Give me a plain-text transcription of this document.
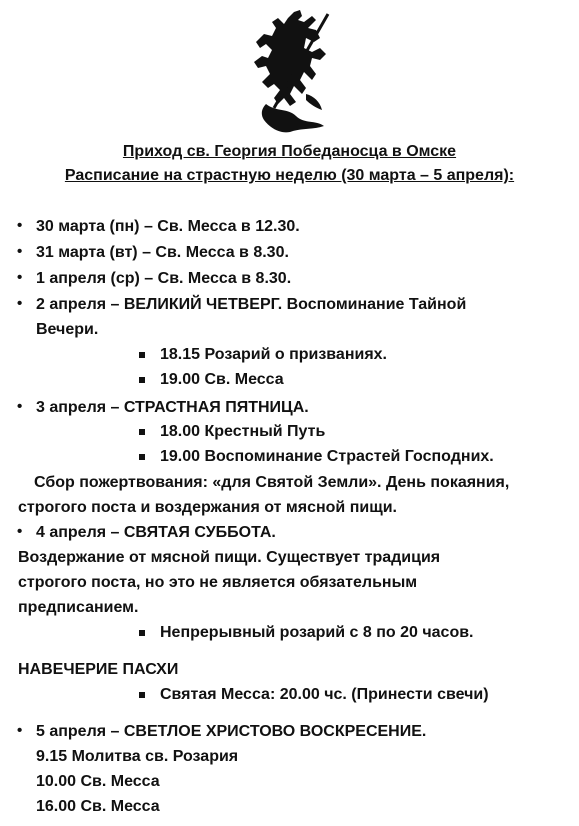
Приход св. Георгия Победаносца в Омске
Расписание на страстную неделю (30 марта – 5 апреля):
• 30 марта (пн) – Св. Месса в 12.30.
• 31 марта (вт) – Св. Месса в 8.30.
• 1 апреля (ср) – Св. Месса в 8.30.
• 2 апреля – ВЕЛИКИЙ ЧЕТВЕРГ. Воспоминание Тайной
Вечери.
18.15 Розарий о призваниях.
19.00 Св. Месса
• 3 апреля – СТРАСТНАЯ ПЯТНИЦА.
18.00 Крестный Путь
19.00 Воспоминание Страстей Господних.
Сбор пожертвования: «для Святой Земли». День покаяния,
строгого поста и воздержания от мясной пищи.
• 4 апреля – СВЯТАЯ СУББОТА.
Воздержание от мясной пищи. Существует традиция
строгого поста, но это не является обязательным
предписанием.
Непрерывный розарий с 8 по 20 часов.
НАВЕЧЕРИЕ ПАСХИ
Святая Месса: 20.00 чс. (Принести свечи)
• 5 апреля – СВЕТЛОЕ ХРИСТОВО ВОСКРЕСЕНИЕ.
9.15 Молитва св. Розария
10.00 Св. Месса
16.00 Св. Месса
